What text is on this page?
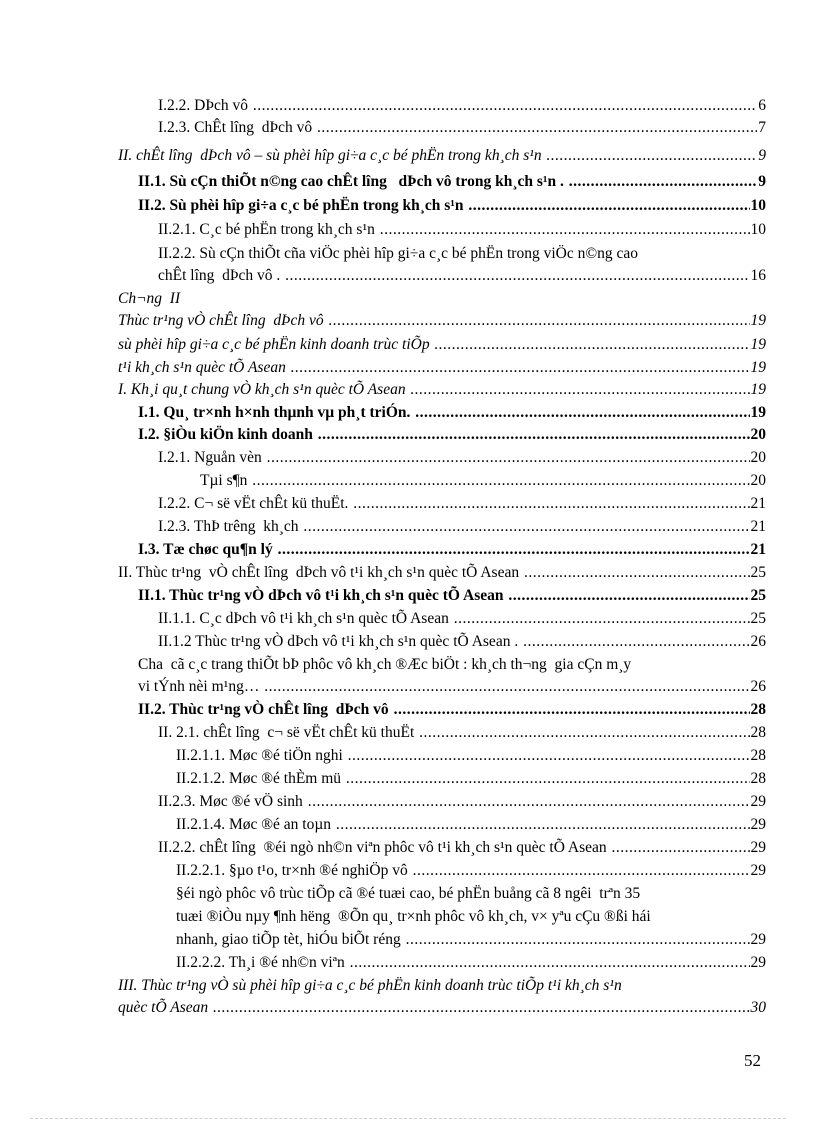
I.2.2. DÞch vô .....	6
I.2.3. ChÊt lîng  dÞch vô .....	7
II. chÊt lîng  dÞch vô – sù phèi hîp gi÷a c¸c bé phËn trong kh¸ch s¹n .....	9
II.1. Sù cÇn thiÕt n©ng cao chÊt lîng   dÞch vô trong kh¸ch s¹n . .....	9
II.2. Sù phèi hîp gi÷a c¸c bé phËn trong kh¸ch s¹n .....	10
II.2.1. C¸c bé phËn trong kh¸ch s¹n .....	10
II.2.2. Sù cÇn thiÕt cña viÖc phèi hîp gi÷a c¸c bé phËn trong viÖc n©ng cao
chÊt lîng  dÞch vô . .....	16
Ch¬ng  II
Thùc tr¹ng vÒ chÊt lîng  dÞch vô .....	19
sù phèi hîp gi÷a c¸c bé phËn kinh doanh trùc tiÕp .....	19
t¹i kh¸ch s¹n quèc tÕ Asean .....	19
I. Kh¸i qu¸t chung vÒ kh¸ch s¹n quèc tÕ Asean .....	19
I.1. Qu¸ tr×nh h×nh thµnh vµ ph¸t triÓn. .....	19
I.2. §iÒu kiÖn kinh doanh .....	20
I.2.1. Nguån vèn .....	20
Tµi s¶n .....	20
I.2.2. C¬ së vËt chÊt kü thuËt. .....	21
I.2.3. ThÞ trêng  kh¸ch .....	21
I.3. Tæ chøc qu¶n lý .....	21
II. Thùc tr¹ng  vÒ chÊt lîng  dÞch vô t¹i kh¸ch s¹n quèc tÕ Asean .....	25
II.1. Thùc tr¹ng vÒ dÞch vô t¹i kh¸ch s¹n quèc tÕ Asean .....	25
II.1.1. C¸c dÞch vô t¹i kh¸ch s¹n quèc tÕ Asean .....	25
II.1.2 Thùc tr¹ng vÒ dÞch vô t¹i kh¸ch s¹n quèc tÕ Asean . .....	26
Cha  cã c¸c trang thiÕt bÞ phôc vô kh¸ch ®Æc biÖt : kh¸ch th¬ng  gia cÇn m¸y
vi tÝnh nèi m¹ng… .....	26
II.2. Thùc tr¹ng vÒ chÊt lîng  dÞch vô .....	28
II. 2.1. chÊt lîng  c¬ së vËt chÊt kü thuËt .....	28
II.2.1.1. Møc ®é tiÖn nghi .....	28
II.2.1.2. Møc ®é thÈm mü .....	28
II.2.3. Møc ®é vÖ sinh .....	29
II.2.1.4. Møc ®é an toµn .....	29
II.2.2. chÊt lîng  ®éi ngò nh©n viªn phôc vô t¹i kh¸ch s¹n quèc tÕ Asean .....	29
II.2.2.1. §µo t¹o, tr×nh ®é nghiÖp vô .....	29
§éi ngò phôc vô trùc tiÕp cã ®é tuæi cao, bé phËn buång cã 8 ngêi  trªn 35
tuæi ®iÒu nµy ¶nh hëng  ®Õn qu¸ tr×nh phôc vô kh¸ch, v× yªu cÇu ®ßi hái
nhanh, giao tiÕp tèt, hiÓu biÕt réng .....	29
II.2.2.2. Th¸i ®é nh©n viªn .....	29
III. Thùc tr¹ng vÒ sù phèi hîp gi÷a c¸c bé phËn kinh doanh trùc tiÕp t¹i kh¸ch s¹n
quèc tÕ Asean .....	30
52
